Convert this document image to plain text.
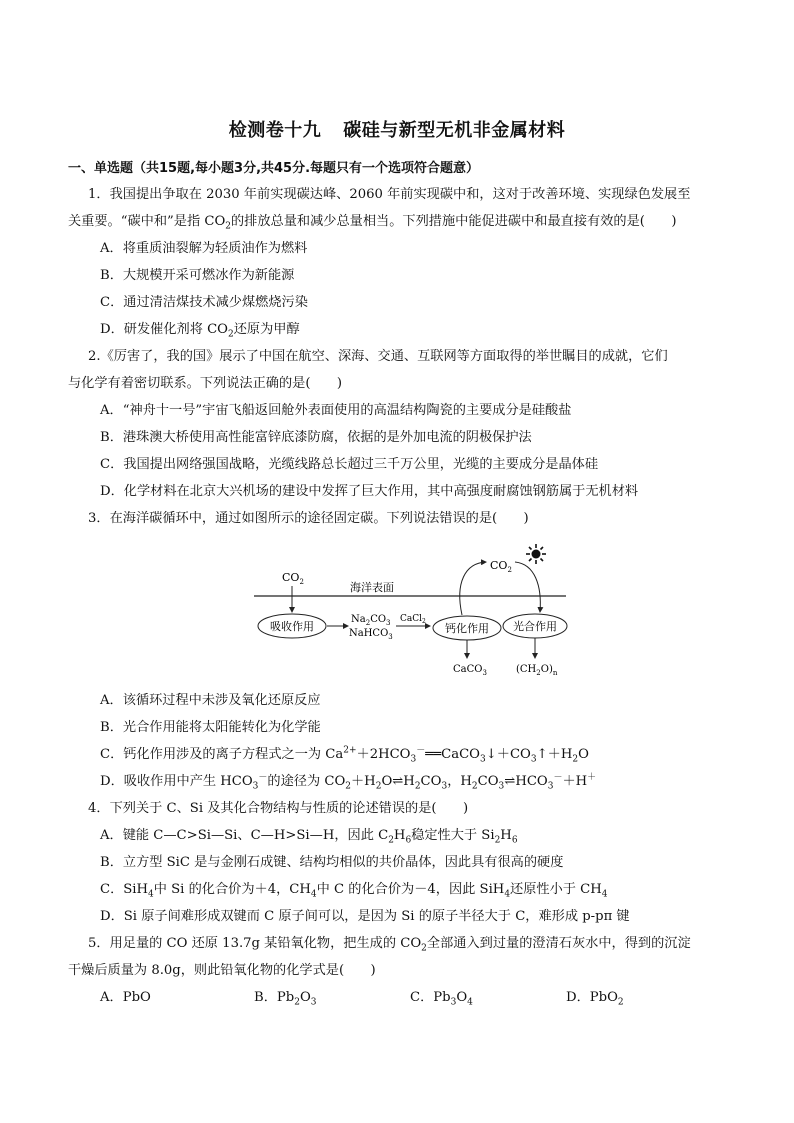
检测卷十九 碳硅与新型无机非金属材料
一、单选题（共15题,每小题3分,共45分.每题只有一个选项符合题意）
1．我国提出争取在 2030 年前实现碳达峰、2060 年前实现碳中和，这对于改善环境、实现绿色发展至
关重要。“碳中和”是指 $CO_2$的排放总量和减少总量相当。下列措施中能促进碳中和最直接有效的是(　　)
A．将重质油裂解为轻质油作为燃料
B．大规模开采可燃冰作为新能源
C．通过清洁煤技术减少煤燃烧污染
D．研发催化剂将 $CO_2$还原为甲醇
2.《厉害了，我的国》展示了中国在航空、深海、交通、互联网等方面取得的举世瞩目的成就，它们
与化学有着密切联系。下列说法正确的是(　　)
A．“神舟十一号”宇宙飞船返回舱外表面使用的高温结构陶瓷的主要成分是硅酸盐
B．港珠澳大桥使用高性能富锌底漆防腐，依据的是外加电流的阴极保护法
C．我国提出网络强国战略，光缆线路总长超过三千万公里，光缆的主要成分是晶体硅
D．化学材料在北京大兴机场的建设中发挥了巨大作用，其中高强度耐腐蚀钢筋属于无机材料
3．在海洋碳循环中，通过如图所示的途径固定碳。下列说法错误的是(　　)
海洋表面
$CO_2$
吸收作用
$Na_2CO_3$
NaHCO$_3$
CaCl$_2$
钙化作用 光合作用
$CO_2$
CaCO$_3$	$(CH_2O)_n$
A．该循环过程中未涉及氧化还原反应
B．光合作用能将太阳能转化为化学能
C．钙化作用涉及的离子方程式之一为 $Ca^{2+}+2HCO_3^-══CaCO_3↓+CO_3↑+H_2O$
D．吸收作用中产生 $HCO_3^-$的途径为 $CO_2+H_2O\rightleftharpoons H_2CO_3$，$H_2CO_3\rightleftharpoons HCO_3^-+H^+$
4．下列关于 C、Si 及其化合物结构与性质的论述错误的是(　　)
A．键能 C—C>Si—Si、C—H>Si—H，因此 $C_2H_6$稳定性大于 $Si_2H_6$
B．立方型 SiC 是与金刚石成键、结构均相似的共价晶体，因此具有很高的硬度
C．SiH$_4$中 Si 的化合价为＋4，$CH_4$中 C 的化合价为－4，因此 SiH$_4$还原性小于 $CH_4$
D．Si 原子间难形成双键而 C 原子间可以，是因为 Si 的原子半径大于 C，难形成 p-pπ 键
5．用足量的 CO 还原 13.7g 某铅氧化物，把生成的 $CO_2$全部通入到过量的澄清石灰水中，得到的沉淀
干燥后质量为 8.0g，则此铅氧化物的化学式是(　　)
A．PbO	B．$Pb_2O_3$	C．$Pb_3O_4$	D．PbO$_2$
